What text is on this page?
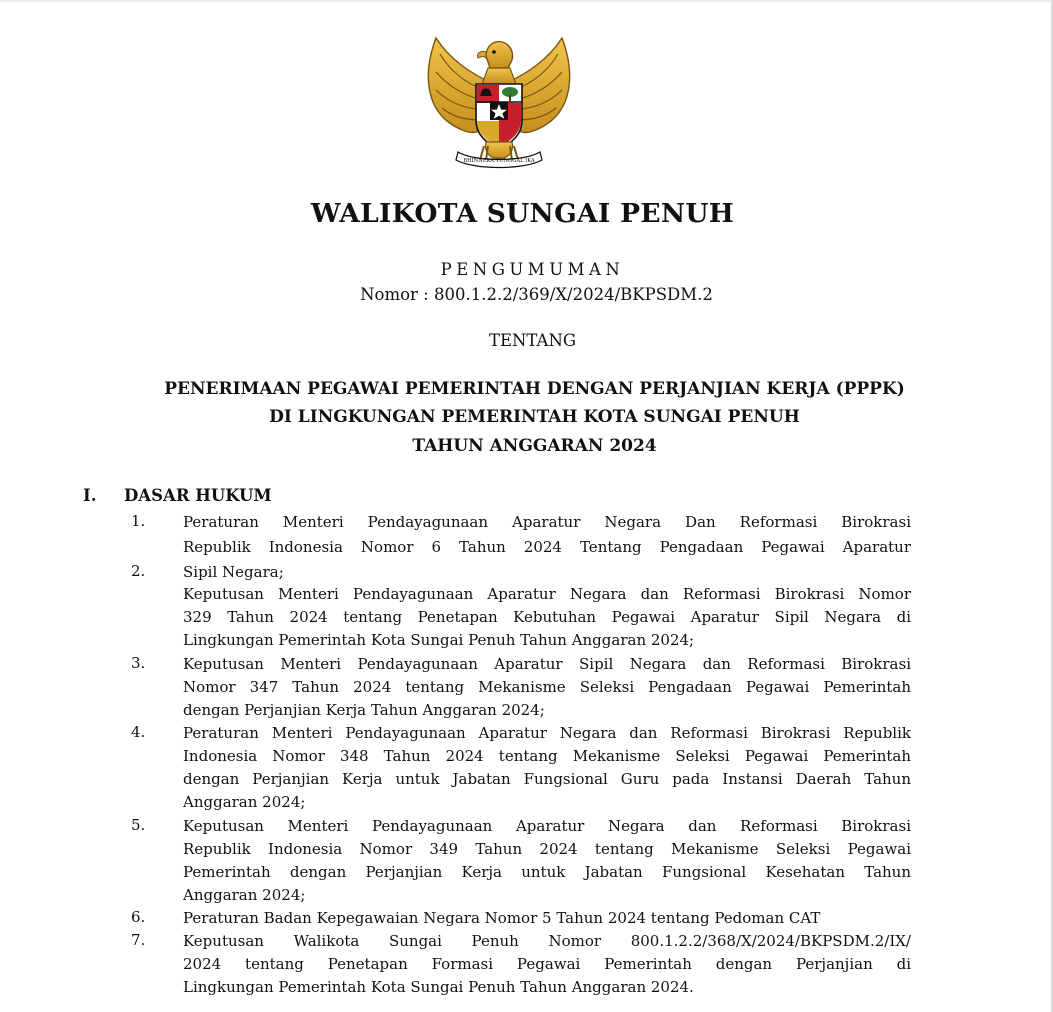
BHINNEKA TUNGGAL IKA
WALIKOTA SUNGAI PENUH
PENGUMUMAN
Nomor : 800.1.2.2/369/X/2024/BKPSDM.2
TENTANG
PENERIMAAN PEGAWAI PEMERINTAH DENGAN PERJANJIAN KERJA (PPPK)
DI LINGKUNGAN PEMERINTAH KOTA SUNGAI PENUH
TAHUN ANGGARAN 2024
I. DASAR HUKUM
1.	Peraturan Menteri Pendayagunaan Aparatur Negara Dan Reformasi Birokrasi
Republik Indonesia Nomor 6 Tahun 2024 Tentang Pengadaan Pegawai Aparatur
Sipil Negara;
2.
Keputusan Menteri Pendayagunaan Aparatur Negara dan Reformasi Birokrasi Nomor
329 Tahun 2024 tentang Penetapan Kebutuhan Pegawai Aparatur Sipil Negara di
Lingkungan Pemerintah Kota Sungai Penuh Tahun Anggaran 2024;
3.	Keputusan Menteri Pendayagunaan Aparatur Sipil Negara dan Reformasi Birokrasi
Nomor 347 Tahun 2024 tentang Mekanisme Seleksi Pengadaan Pegawai Pemerintah
dengan Perjanjian Kerja Tahun Anggaran 2024;
4.	Peraturan Menteri Pendayagunaan Aparatur Negara dan Reformasi Birokrasi Republik
Indonesia Nomor 348 Tahun 2024 tentang Mekanisme Seleksi Pegawai Pemerintah
dengan Perjanjian Kerja untuk Jabatan Fungsional Guru pada Instansi Daerah Tahun
Anggaran 2024;
5.	Keputusan Menteri Pendayagunaan Aparatur Negara dan Reformasi Birokrasi
Republik Indonesia Nomor 349 Tahun 2024 tentang Mekanisme Seleksi Pegawai
Pemerintah dengan Perjanjian Kerja untuk Jabatan Fungsional Kesehatan Tahun
Anggaran 2024;
6.	Peraturan Badan Kepegawaian Negara Nomor 5 Tahun 2024 tentang Pedoman CAT
7.	Keputusan Walikota Sungai Penuh Nomor 800.1.2.2/368/X/2024/BKPSDM.2/IX/
2024 tentang Penetapan Formasi Pegawai Pemerintah dengan Perjanjian di
Lingkungan Pemerintah Kota Sungai Penuh Tahun Anggaran 2024.
